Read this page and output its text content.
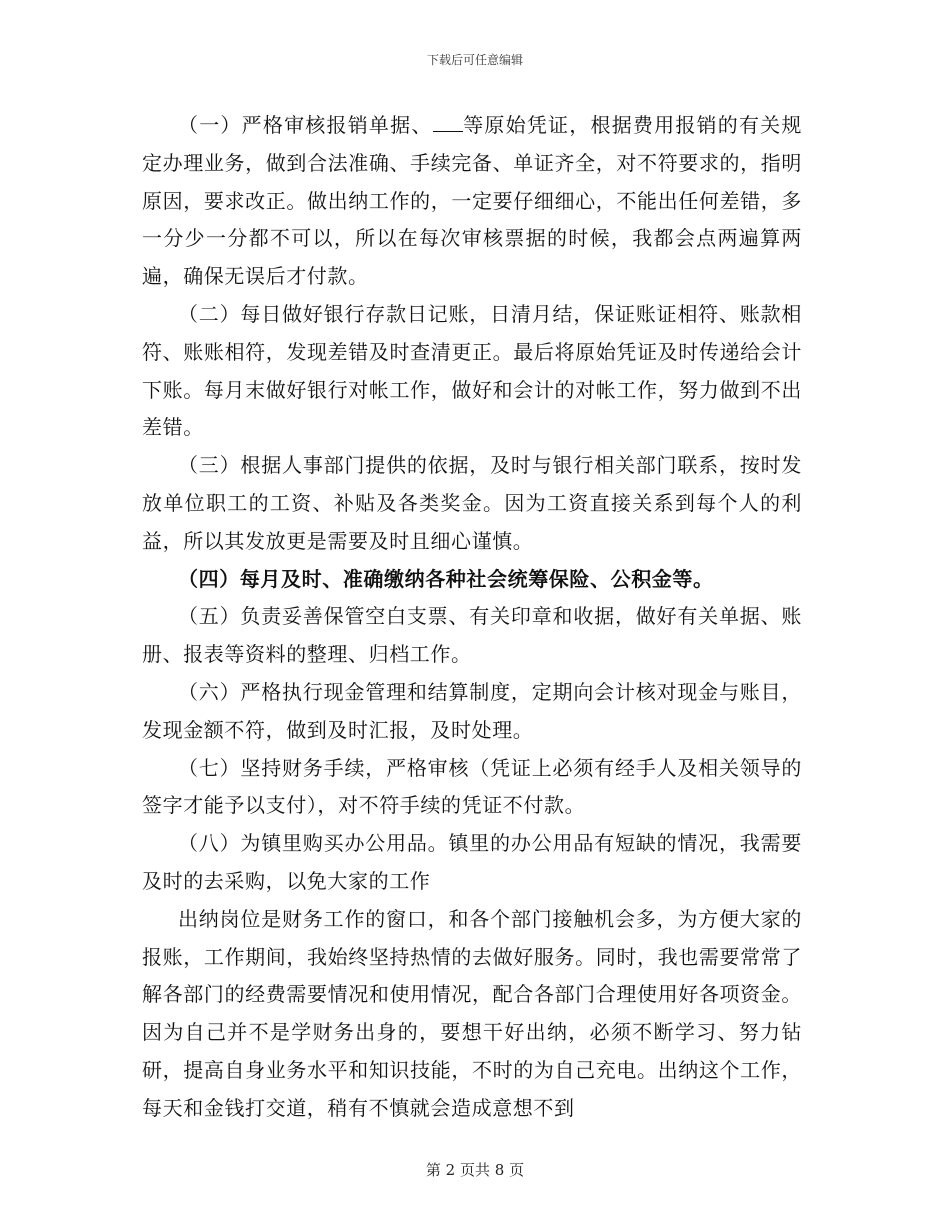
下载后可任意编辑

（一）严格审核报销单据、 等原始凭证，根据费用报销的有关规定办理业务，做到合法准确、手续完备、单证齐全，对不符要求的，指明原因，要求改正。做出纳工作的，一定要仔细细心，不能出任何差错，多一分少一分都不可以，所以在每次审核票据的时候，我都会点两遍算两遍，确保无误后才付款。

（二）每日做好银行存款日记账，日清月结，保证账证相符、账款相符、账账相符，发现差错及时查清更正。最后将原始凭证及时传递给会计下账。每月末做好银行对帐工作，做好和会计的对帐工作，努力做到不出差错。

（三）根据人事部门提供的依据，及时与银行相关部门联系，按时发放单位职工的工资、补贴及各类奖金。因为工资直接关系到每个人的利益，所以其发放更是需要及时且细心谨慎。

（四）每月及时、准确缴纳各种社会统筹保险、公积金等。

（五）负责妥善保管空白支票、有关印章和收据，做好有关单据、账册、报表等资料的整理、归档工作。

（六）严格执行现金管理和结算制度，定期向会计核对现金与账目，发现金额不符，做到及时汇报，及时处理。

（七）坚持财务手续，严格审核（凭证上必须有经手人及相关领导的签字才能予以支付），对不符手续的凭证不付款。

（八）为镇里购买办公用品。镇里的办公用品有短缺的情况，我需要及时的去采购，以免大家的工作

出纳岗位是财务工作的窗口，和各个部门接触机会多，为方便大家的报账，工作期间，我始终坚持热情的去做好服务。同时，我也需要常常了解各部门的经费需要情况和使用情况，配合各部门合理使用好各项资金。因为自己并不是学财务出身的，要想干好出纳，必须不断学习、努力钻研，提高自身业务水平和知识技能，不时的为自己充电。出纳这个工作，每天和金钱打交道，稍有不慎就会造成意想不到

第 2 页共 8 页
